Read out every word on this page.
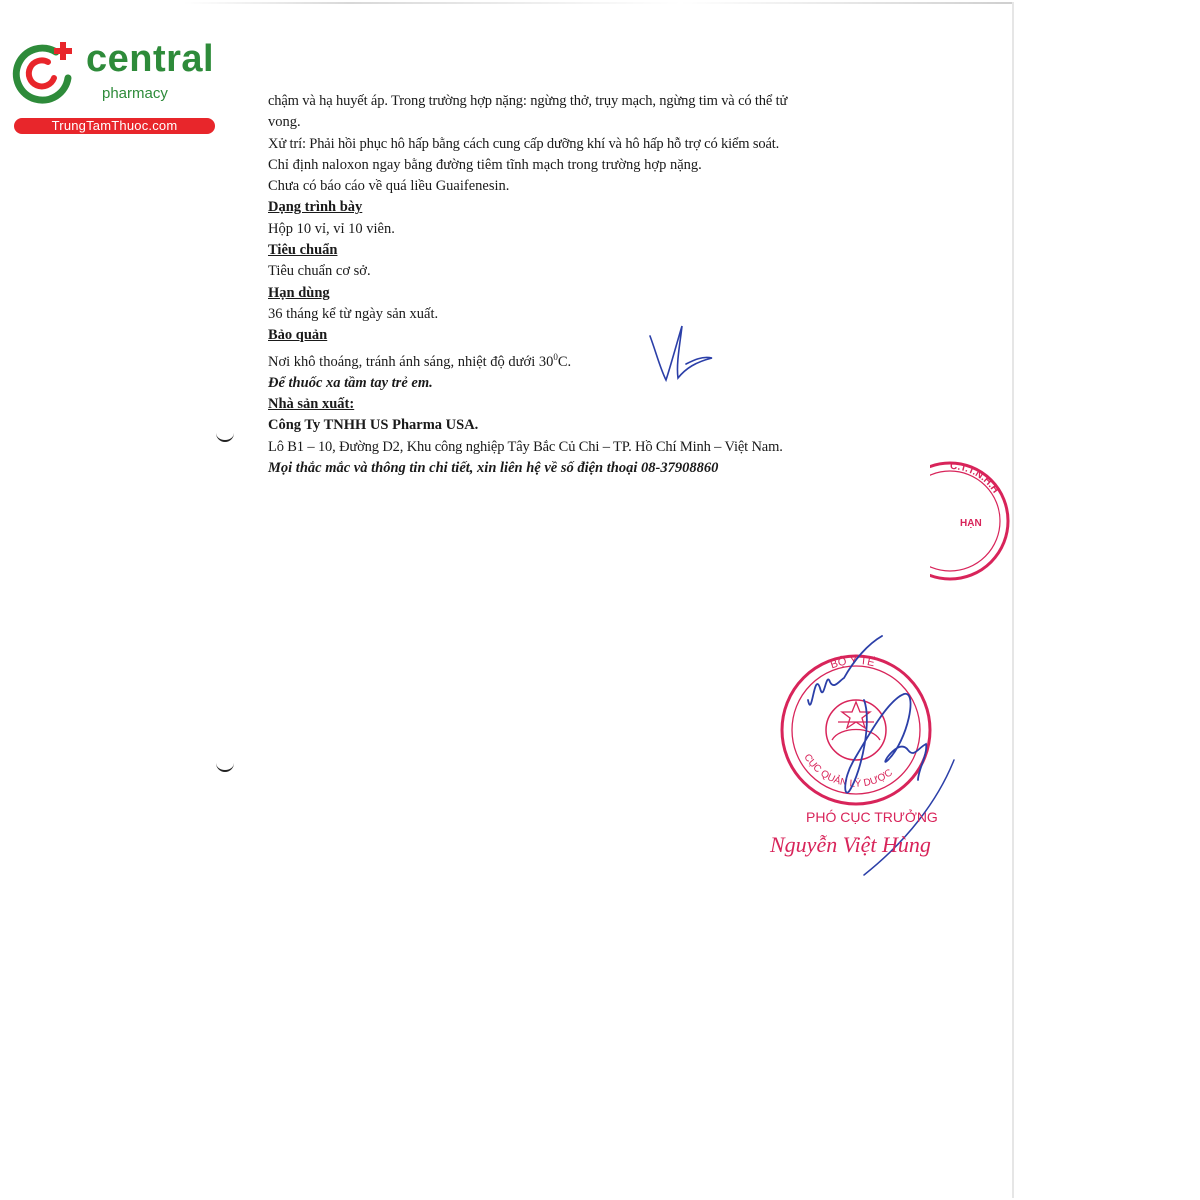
central
pharmacy
TrungTamThuoc.com

chậm và hạ huyết áp. Trong trường hợp nặng: ngừng thở, trụy mạch, ngừng tim và có thể tử

vong.

Xử trí: Phải hồi phục hô hấp bằng cách cung cấp dưỡng khí và hô hấp hỗ trợ có kiểm soát.

Chỉ định naloxon ngay bằng đường tiêm tĩnh mạch trong trường hợp nặng.

Chưa có báo cáo về quá liều Guaifenesin.

Dạng trình bày

Hộp 10 vỉ, vỉ 10 viên.

Tiêu chuẩn

Tiêu chuẩn cơ sở.

Hạn dùng

36 tháng kể từ ngày sản xuất.

Bảo quản

Nơi khô thoáng, tránh ánh sáng, nhiệt độ dưới $30^0C$.

Để thuốc xa tầm tay trẻ em.

Nhà sản xuất:

Công Ty TNHH US Pharma USA.

Lô B1 – 10, Đường D2, Khu công nghiệp Tây Bắc Củ Chi – TP. Hồ Chí Minh – Việt Nam.

Mọi thắc mắc và thông tin chi tiết, xin liên hệ về số điện thoại 08-37908860	C.T.T.N.H.H
HẠN
BỘ Y TẾ
CỤC QUẢN LÝ DƯỢC
PHÓ CỤC TRƯỞNG
Nguyễn Việt Hùng
